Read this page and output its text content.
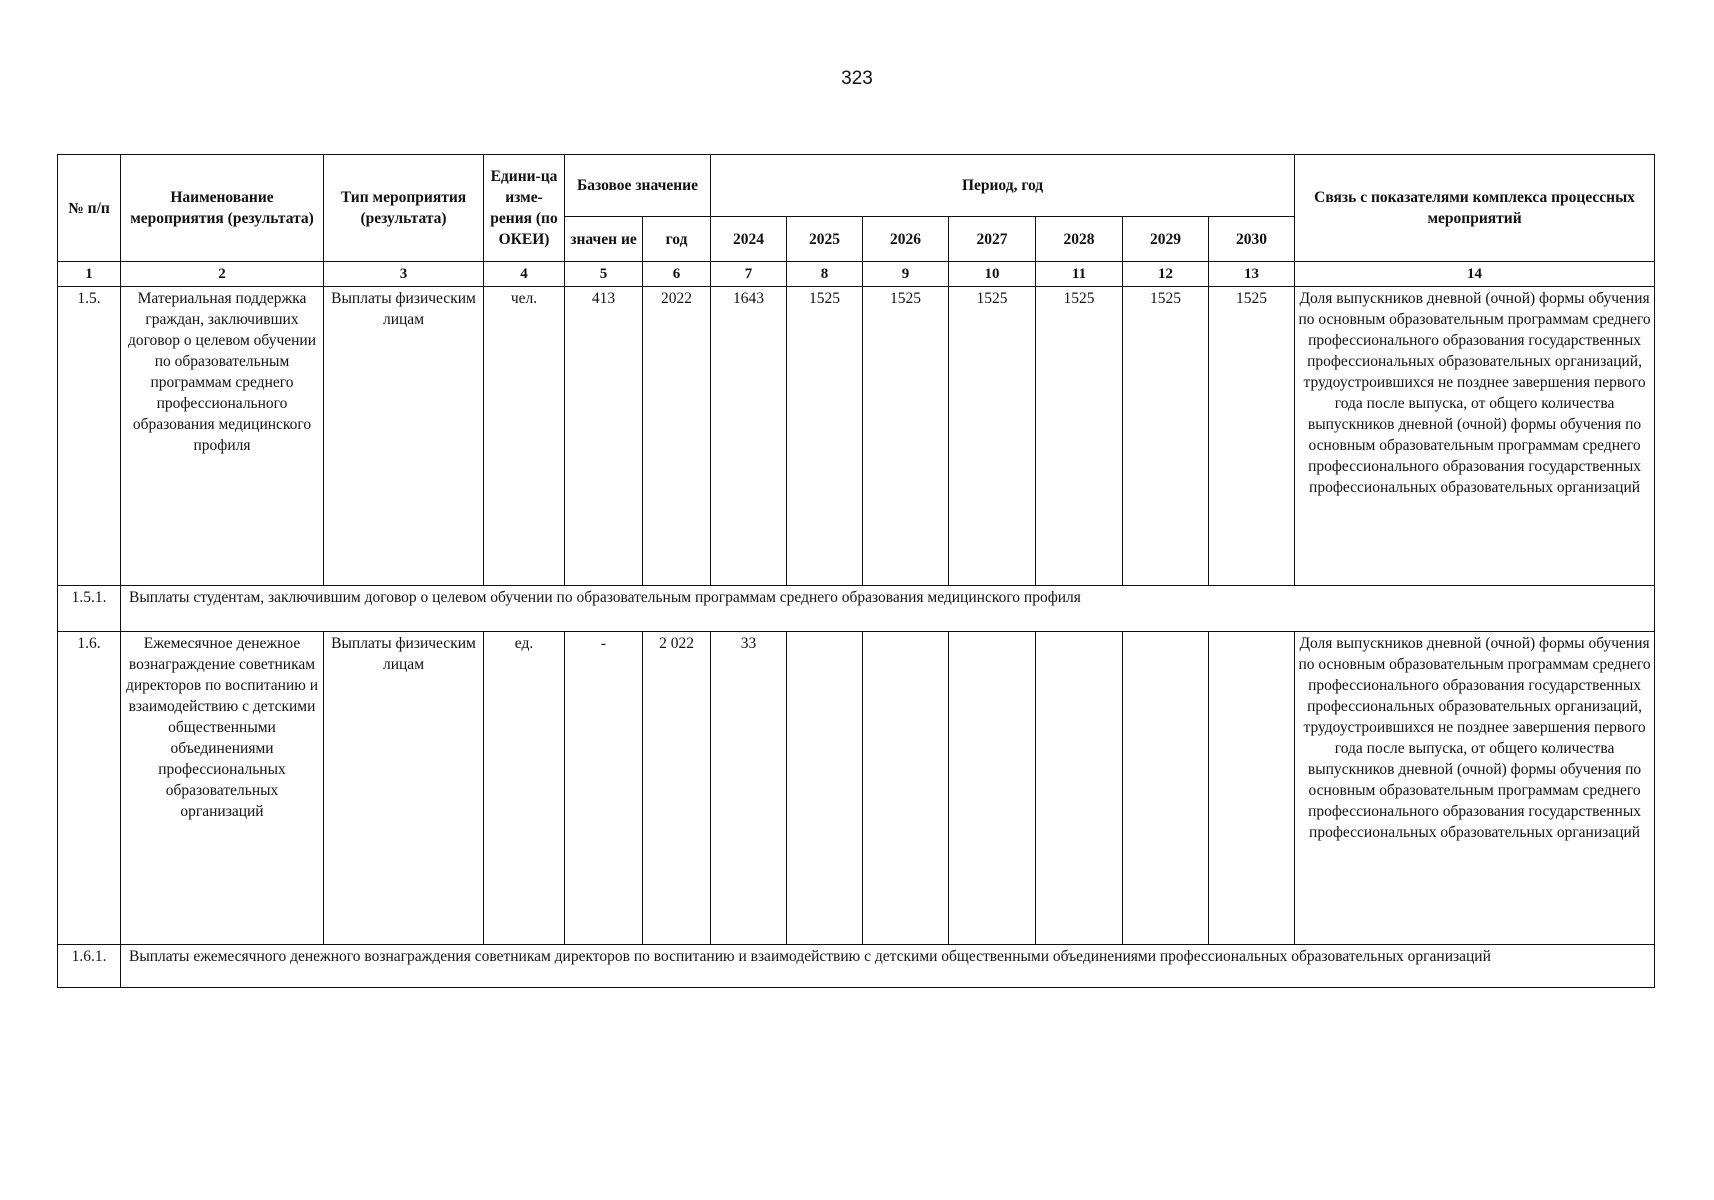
323
№ п/п	Наименование мероприятия (результата)	Тип мероприятия (результата)	Едини-ца изме-рения (по ОКЕИ)	Базовое значение		Период, год							Связь с показателями комплекса процессных мероприятий
				значен ие	год	2024	2025	2026	2027	2028	2029	2030	
1	2	3	4	5	6	7	8	9	10	11	12	13	14
1.5.	Материальная поддержка граждан, заключивших договор о целевом обучении по образовательным программам среднего профессионального образования медицинского профиля	Выплаты физическим лицам	чел.	413	2022	1643	1525	1525	1525	1525	1525	1525	Доля выпускников дневной (очной) формы обучения по основным образовательным программам среднего профессионального образования государственных профессиональных образовательных организаций, трудоустроившихся не позднее завершения первого года после выпуска, от общего количества выпускников дневной (очной) формы обучения по основным образовательным программам среднего профессионального образования государственных профессиональных образовательных организаций
1.5.1.	Выплаты студентам, заключившим договор о целевом обучении по образовательным программам среднего образования медицинского профиля												
1.6.	Ежемесячное денежное вознаграждение советникам директоров по воспитанию и взаимодействию с детскими общественными объединениями профессиональных образовательных организаций	Выплаты физическим лицам	ед.	-	2 022	33							Доля выпускников дневной (очной) формы обучения по основным образовательным программам среднего профессионального образования государственных профессиональных образовательных организаций, трудоустроившихся не позднее завершения первого года после выпуска, от общего количества выпускников дневной (очной) формы обучения по основным образовательным программам среднего профессионального образования государственных профессиональных образовательных организаций
1.6.1.	Выплаты ежемесячного денежного вознаграждения советникам директоров по воспитанию и взаимодействию с детскими общественными объединениями профессиональных образовательных организаций												
